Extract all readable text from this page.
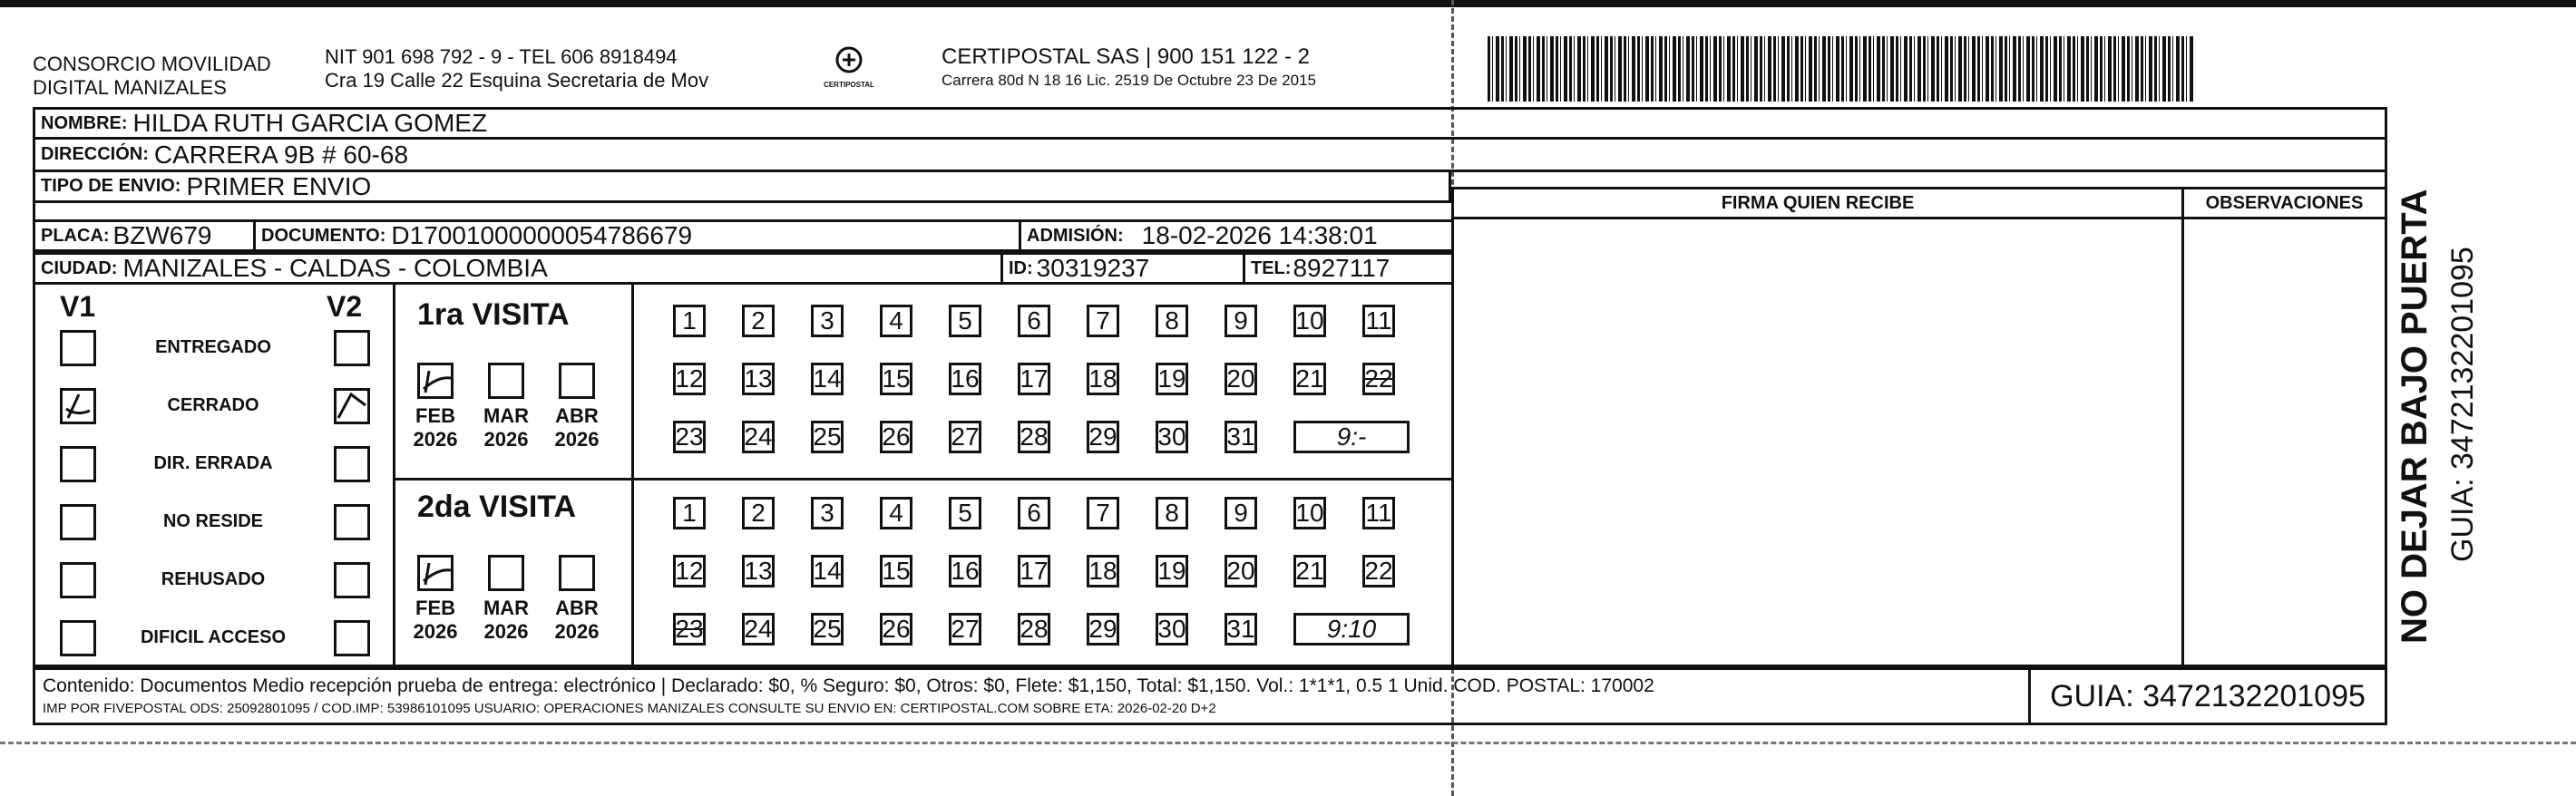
CONSORCIO MOVILIDAD
DIGITAL MANIZALES
NIT 901 698 792 - 9 - TEL 606 8918494
Cra 19 Calle 22 Esquina Secretaria de Mov	CERTIPOSTAL
CERTIPOSTAL SAS | 900 151 122 - 2
Carrera 80d N 18 16 Lic. 2519 De Octubre 23 De 2015
NOMBRE: HILDA RUTH GARCIA GOMEZ
DIRECCIÓN: CARRERA 9B # 60-68
TIPO DE ENVIO: PRIMER ENVIO
FIRMA QUIEN RECIBE	OBSERVACIONES
PLACA: BZW679	DOCUMENTO: D17001000000054786679	ADMISIÓN: 18-02-2026 14:38:01
CIUDAD: MANIZALES - CALDAS - COLOMBIA	ID: 30319237	TEL: 8927117
V1	V2
ENTREGADO
CERRADO
DIR. ERRADA
NO RESIDE
REHUSADO
DIFICIL ACCESO
1ra VISITA
2da VISITA
FEB
2026
MAR
2026
ABR
2026
1	2	3	4	5	6	7	8	9	10 11
12 13 14 15 16 17 18 19 20 21 22
23 24 25 26 27 28 29 30 31	9:-
FEB
2026
MAR
2026
ABR
2026
1	2	3	4	5	6	7	8	9	10 11
12 13 14 15 16 17 18 19 20 21 22
23 24 25 26 27 28 29 30 31	9:10
Contenido: Documentos Medio recepción prueba de entrega: electrónico | Declarado: $0, % Seguro: $0, Otros: $0, Flete: $1,150, Total: $1,150. Vol.: 1*1*1, 0.5 1 Unid. COD. POSTAL: 170002
IMP POR FIVEPOSTAL ODS: 25092801095 / COD.IMP: 53986101095 USUARIO: OPERACIONES MANIZALES CONSULTE SU ENVIO EN: CERTIPOSTAL.COM SOBRE ETA: 2026-02-20 D+2	GUIA: 3472132201095
NO DEJAR BAJO PUERTA GUIA: 3472132201095
